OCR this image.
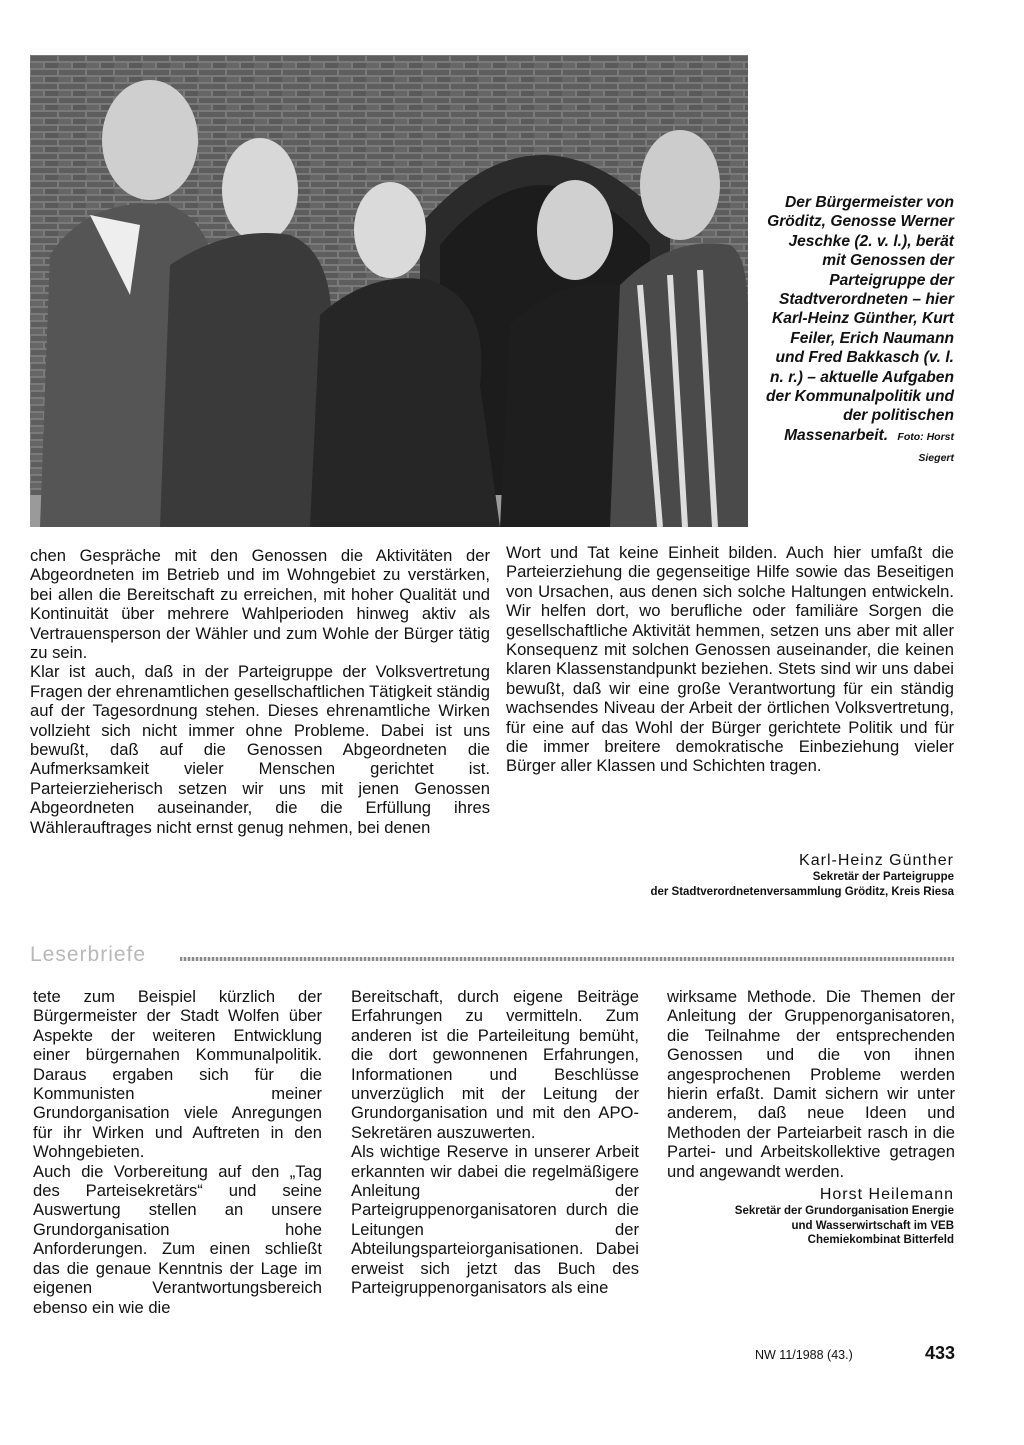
Der Bürgermeister von Gröditz, Genosse Werner Jeschke (2. v. l.), berät mit Genossen der Parteigruppe der Stadtverordneten – hier Karl-Heinz Günther, Kurt Feiler, Erich Naumann und Fred Bakkasch (v. l. n. r.) – aktuelle Aufgaben der Kommunalpolitik und der politischen Massenarbeit. Foto: Horst Siegert

chen Gespräche mit den Genossen die Aktivitäten der Abgeordneten im Betrieb und im Wohngebiet zu verstärken, bei allen die Bereitschaft zu erreichen, mit hoher Qualität und Kontinuität über mehrere Wahlperioden hinweg aktiv als Vertrauensperson der Wähler und zum Wohle der Bürger tätig zu sein.

Klar ist auch, daß in der Parteigruppe der Volksvertretung Fragen der ehrenamtlichen gesellschaftlichen Tätigkeit ständig auf der Tagesordnung stehen. Dieses ehrenamtliche Wirken vollzieht sich nicht immer ohne Probleme. Dabei ist uns bewußt, daß auf die Genossen Abgeordneten die Aufmerksamkeit vieler Menschen gerichtet ist. Parteierzieherisch setzen wir uns mit jenen Genossen Abgeordneten auseinander, die die Erfüllung ihres Wählerauftrages nicht ernst genug nehmen, bei denen

Wort und Tat keine Einheit bilden. Auch hier umfaßt die Parteierziehung die gegenseitige Hilfe sowie das Beseitigen von Ursachen, aus denen sich solche Haltungen entwickeln. Wir helfen dort, wo berufliche oder familiäre Sorgen die gesellschaftliche Aktivität hemmen, setzen uns aber mit aller Konsequenz mit solchen Genossen auseinander, die keinen klaren Klassenstandpunkt beziehen. Stets sind wir uns dabei bewußt, daß wir eine große Verantwortung für ein ständig wachsendes Niveau der Arbeit der örtlichen Volksvertretung, für eine auf das Wohl der Bürger gerichtete Politik und für die immer breitere demokratische Einbeziehung vieler Bürger aller Klassen und Schichten tragen.

Karl-Heinz Günther
Sekretär der Parteigruppe
der Stadtverordnetenversammlung Gröditz, Kreis Riesa
Leserbriefe

tete zum Beispiel kürzlich der Bürgermeister der Stadt Wolfen über Aspekte der weiteren Entwicklung einer bürgernahen Kommunalpolitik. Daraus ergaben sich für die Kommunisten meiner Grundorganisation viele Anregungen für ihr Wirken und Auftreten in den Wohngebieten.

Auch die Vorbereitung auf den „Tag des Parteisekretärs“ und seine Auswertung stellen an unsere Grundorganisation hohe Anforderungen. Zum einen schließt das die genaue Kenntnis der Lage im eigenen Verantwortungsbereich ebenso ein wie die

Bereitschaft, durch eigene Beiträge Erfahrungen zu vermitteln. Zum anderen ist die Parteileitung bemüht, die dort gewonnenen Erfahrungen, Informationen und Beschlüsse unverzüglich mit der Leitung der Grundorganisation und mit den APO-Sekretären auszuwerten.

Als wichtige Reserve in unserer Arbeit erkannten wir dabei die regelmäßigere Anleitung der Parteigruppenorganisatoren durch die Leitungen der Abteilungsparteiorganisationen. Dabei erweist sich jetzt das Buch des Parteigruppenorganisators als eine

wirksame Methode. Die Themen der Anleitung der Gruppenorganisatoren, die Teilnahme der entsprechenden Genossen und die von ihnen angesprochenen Probleme werden hierin erfaßt. Damit sichern wir unter anderem, daß neue Ideen und Methoden der Parteiarbeit rasch in die Partei- und Arbeitskollektive getragen und angewandt werden.

Horst Heilemann
Sekretär der Grundorganisation Energie
und Wasserwirtschaft im VEB
Chemiekombinat Bitterfeld
NW 11/1988 (43.)	433
